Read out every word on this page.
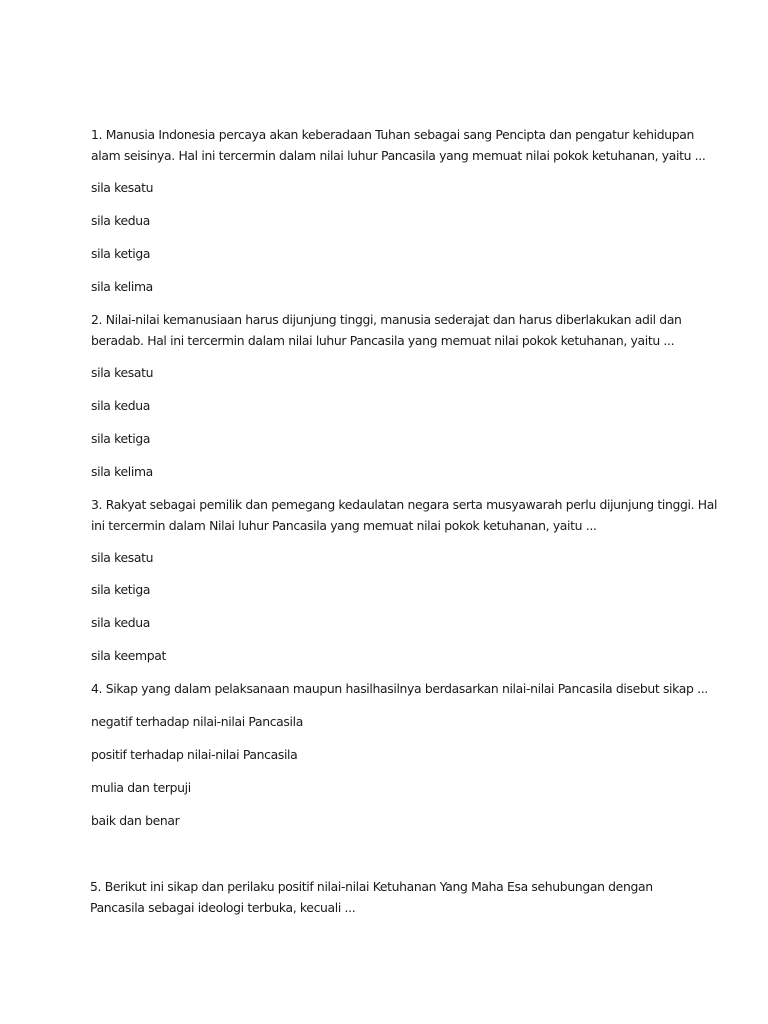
1. Manusia Indonesia percaya akan keberadaan Tuhan sebagai sang Pencipta dan pengatur kehidupan
alam seisinya. Hal ini tercermin dalam nilai luhur Pancasila yang memuat nilai pokok ketuhanan, yaitu ...
sila kesatu
sila kedua
sila ketiga
sila kelima
2. Nilai-nilai kemanusiaan harus dijunjung tinggi, manusia sederajat dan harus diberlakukan adil dan
beradab. Hal ini tercermin dalam nilai luhur Pancasila yang memuat nilai pokok ketuhanan, yaitu ...
sila kesatu
sila kedua
sila ketiga
sila kelima
3. Rakyat sebagai pemilik dan pemegang kedaulatan negara serta musyawarah perlu dijunjung tinggi. Hal
ini tercermin dalam Nilai luhur Pancasila yang memuat nilai pokok ketuhanan, yaitu ...
sila kesatu
sila ketiga
sila kedua
sila keempat
4. Sikap yang dalam pelaksanaan maupun hasilhasilnya berdasarkan nilai-nilai Pancasila disebut sikap ...
negatif terhadap nilai-nilai Pancasila
positif terhadap nilai-nilai Pancasila
mulia dan terpuji
baik dan benar
5. Berikut ini sikap dan perilaku positif nilai-nilai Ketuhanan Yang Maha Esa sehubungan dengan
Pancasila sebagai ideologi terbuka, kecuali ...
